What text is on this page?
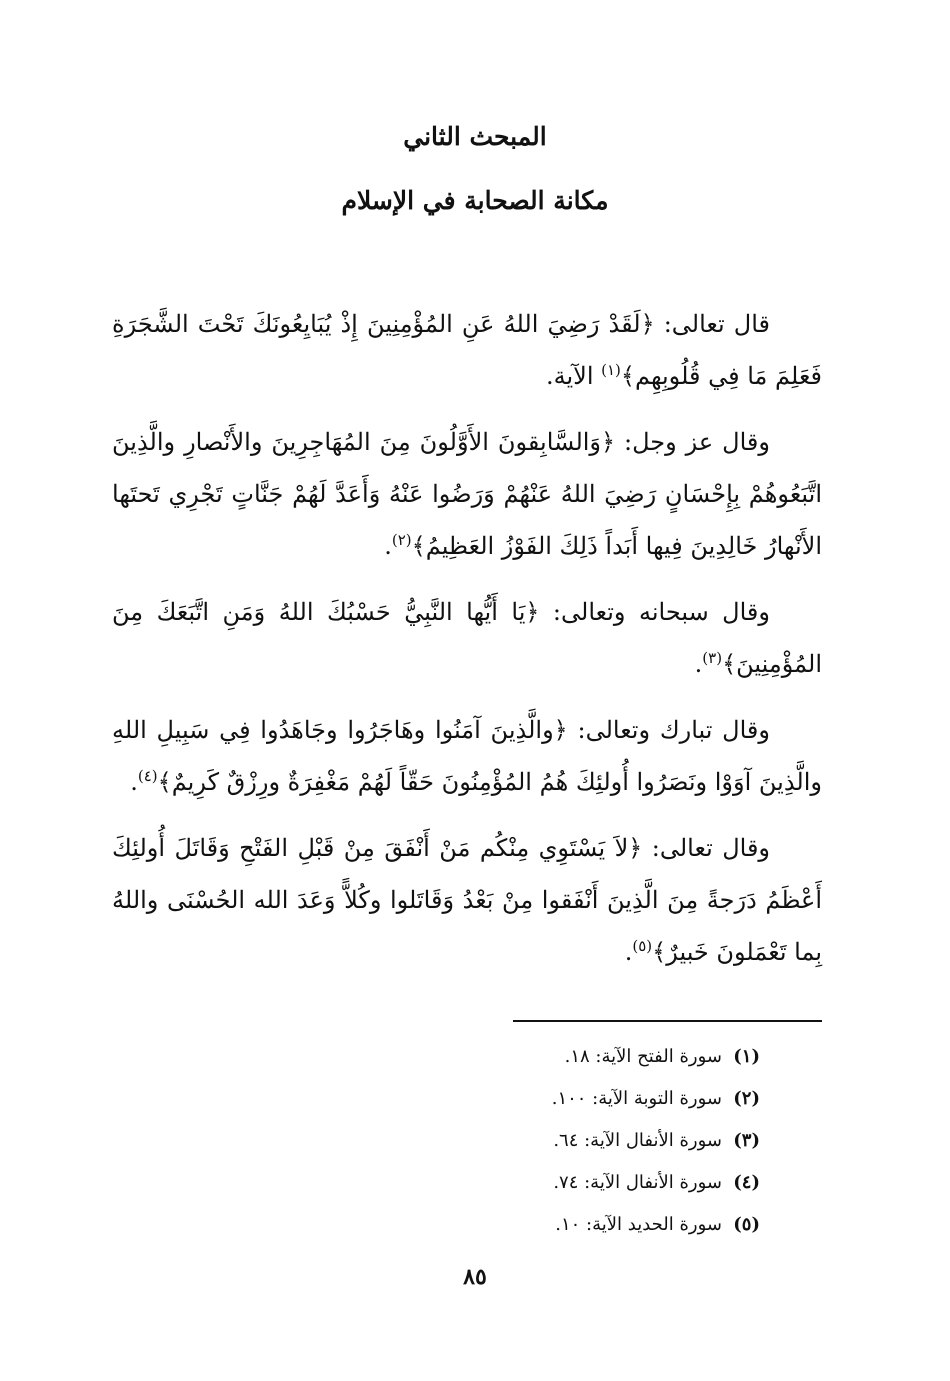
المبحث الثاني
مكانة الصحابة في الإسلام

قال تعالى: ﴿لَقَدْ رَضِيَ اللهُ عَنِ المُؤْمِنِينَ إِذْ يُبَايِعُونَكَ تَحْتَ الشَّجَرَةِ فَعَلِمَ مَا فِي قُلُوبِهِم﴾$^{(١)}$ الآية.

وقال عز وجل: ﴿وَالسَّابِقونَ الأَوَّلُونَ مِنَ المُهَاجِرِينَ والأَنْصارِ والَّذِينَ اتَّبَعُوهُمْ بِإِحْسَانٍ رَضِيَ اللهُ عَنْهُمْ وَرَضُوا عَنْهُ وَأَعَدَّ لَهُمْ جَنَّاتٍ تَجْرِي تَحتَها الأَنْهارُ خَالِدِينَ فِيها أَبَداً ذَلِكَ الفَوْزُ العَظِيمُ﴾$^{(٢)}$.

وقال سبحانه وتعالى: ﴿يَا أَيُّها النَّبِيُّ حَسْبُكَ اللهُ وَمَنِ اتَّبَعَكَ مِنَ المُؤْمِنِينَ﴾$^{(٣)}$.

وقال تبارك وتعالى: ﴿والَّذِينَ آمَنُوا وهَاجَرُوا وجَاهَدُوا فِي سَبِيلِ اللهِ والَّذِينَ آوَوْا ونَصَرُوا أُولئِكَ هُمُ المُؤْمِنُونَ حَقّاً لَهُمْ مَغْفِرَةٌ ورِزْقٌ كَرِيمٌ﴾$^{(٤)}$.

وقال تعالى: ﴿لاَ يَسْتَوِي مِنْكُم مَنْ أَنْفَقَ مِنْ قَبْلِ الفَتْحِ وَقَاتَلَ أُولئِكَ أَعْظَمُ دَرَجةً مِنَ الَّذِينَ أَنْفَقوا مِنْ بَعْدُ وَقَاتَلوا وكُلاًّ وَعَدَ الله الحُسْنَى واللهُ بِما تَعْمَلونَ خَبيرٌ﴾$^{(٥)}$.

(١)سورة الفتح الآية: ١٨.
(٢)سورة التوبة الآية: ١٠٠.
(٣)سورة الأنفال الآية: ٦٤.
(٤)سورة الأنفال الآية: ٧٤.
(٥)سورة الحديد الآية: ١٠.
٨٥
